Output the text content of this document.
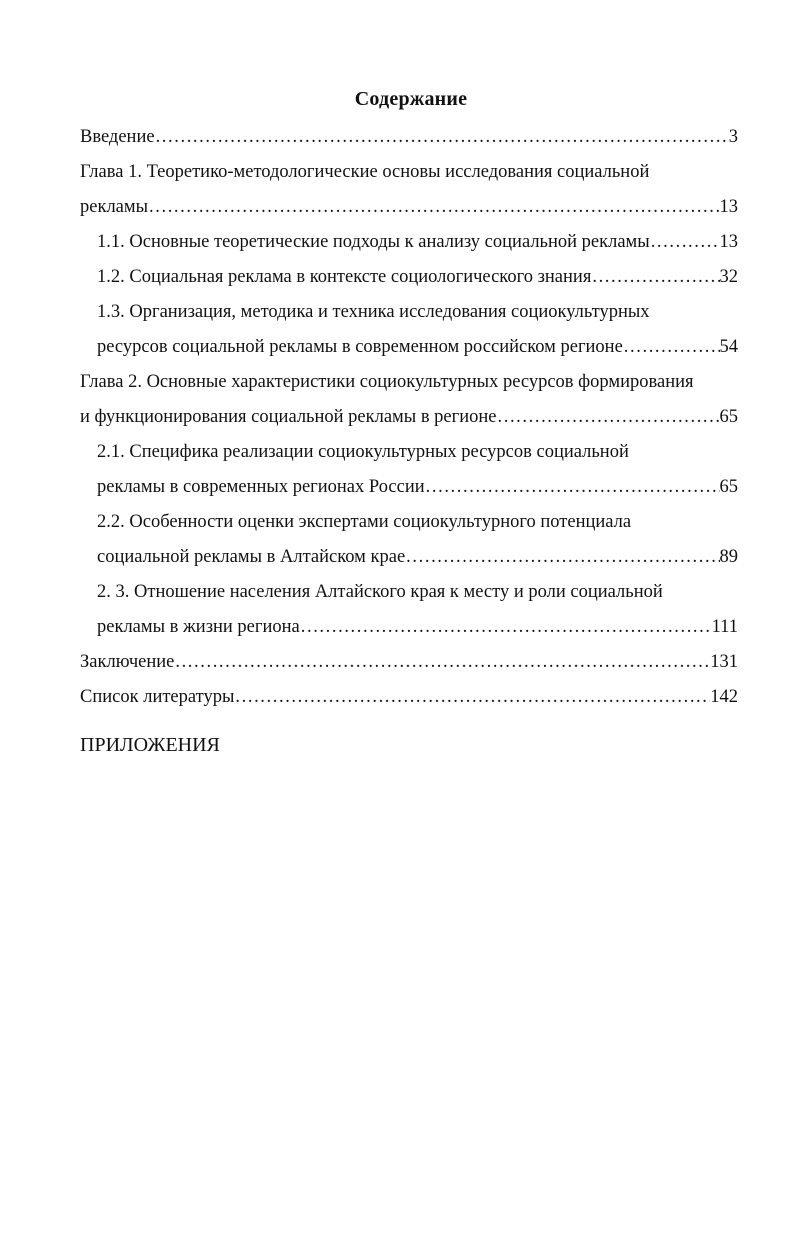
Содержание
Введение .....	3
Глава 1. Теоретико-методологические основы исследования социальной
рекламы .....	13
1.1. Основные теоретические подходы к анализу социальной рекламы .....	13
1.2. Социальная реклама в контексте социологического знания .....	32
1.3. Организация, методика и техника исследования социокультурных
ресурсов социальной рекламы в современном российском регионе .....	54
Глава 2. Основные характеристики социокультурных ресурсов формирования
и функционирования социальной рекламы в регионе .....	65
2.1. Специфика реализации социокультурных ресурсов социальной
рекламы в современных регионах России .....	65
2.2. Особенности оценки экспертами социокультурного потенциала
социальной рекламы в Алтайском крае .....	89
2. 3. Отношение населения Алтайского края к месту и роли социальной
рекламы в жизни региона .....	111
Заключение .....	131
Список литературы .....	142
ПРИЛОЖЕНИЯ
